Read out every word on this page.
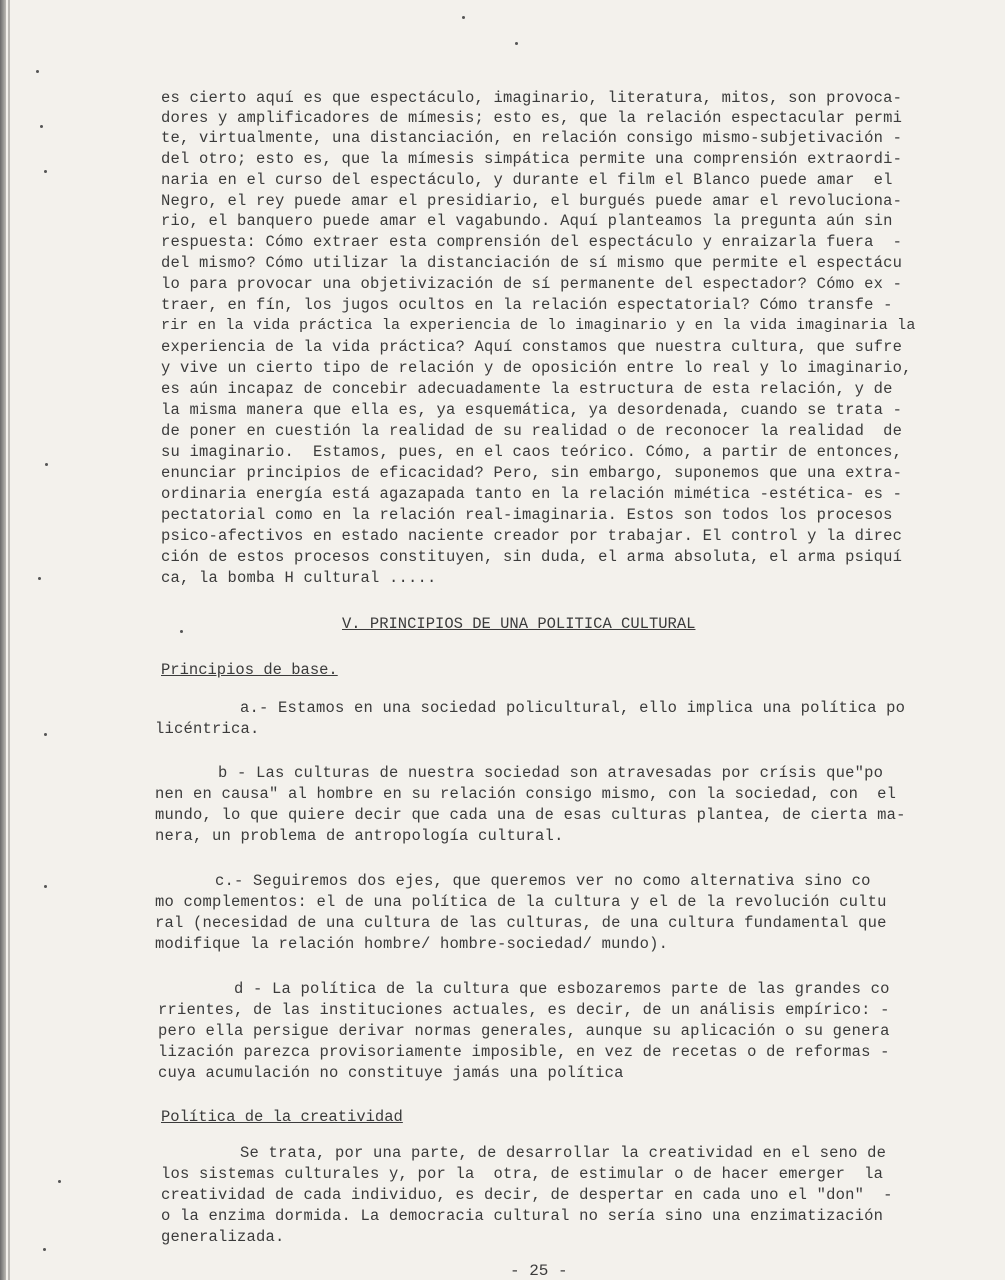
es cierto aquí es que espectáculo, imaginario, literatura, mitos, son provoca-
dores y amplificadores de mímesis; esto es, que la relación espectacular permi
te, virtualmente, una distanciación, en relación consigo mismo-subjetivación -
del otro; esto es, que la mímesis simpática permite una comprensión extraordi-
naria en el curso del espectáculo, y durante el film el Blanco puede amar  el
Negro, el rey puede amar el presidiario, el burgués puede amar el revoluciona-
rio, el banquero puede amar el vagabundo. Aquí planteamos la pregunta aún sin
respuesta: Cómo extraer esta comprensión del espectáculo y enraizarla fuera  -
del mismo? Cómo utilizar la distanciación de sí mismo que permite el espectácu
lo para provocar una objetivización de sí permanente del espectador? Cómo ex -
traer, en fín, los jugos ocultos en la relación espectatorial? Cómo transfe -
rir en la vida práctica la experiencia de lo imaginario y en la vida imaginaria la
experiencia de la vida práctica? Aquí constamos que nuestra cultura, que sufre
y vive un cierto tipo de relación y de oposición entre lo real y lo imaginario,
es aún incapaz de concebir adecuadamente la estructura de esta relación, y de
la misma manera que ella es, ya esquemática, ya desordenada, cuando se trata -
de poner en cuestión la realidad de su realidad o de reconocer la realidad  de
su imaginario.  Estamos, pues, en el caos teórico. Cómo, a partir de entonces,
enunciar principios de eficacidad? Pero, sin embargo, suponemos que una extra-
ordinaria energía está agazapada tanto en la relación mimética -estética- es -
pectatorial como en la relación real-imaginaria. Estos son todos los procesos
psico-afectivos en estado naciente creador por trabajar. El control y la direc
ción de estos procesos constituyen, sin duda, el arma absoluta, el arma psiquí
ca, la bomba H cultural .....
V. PRINCIPIOS DE UNA POLITICA CULTURAL
Principios de base.
a.- Estamos en una sociedad policultural, ello implica una política po
licéntrica.
b - Las culturas de nuestra sociedad son atravesadas por crísis que"po
nen en causa" al hombre en su relación consigo mismo, con la sociedad, con  el
mundo, lo que quiere decir que cada una de esas culturas plantea, de cierta ma-
nera, un problema de antropología cultural.
c.- Seguiremos dos ejes, que queremos ver no como alternativa sino co
mo complementos: el de una política de la cultura y el de la revolución cultu
ral (necesidad de una cultura de las culturas, de una cultura fundamental que
modifique la relación hombre/ hombre-sociedad/ mundo).
d - La política de la cultura que esbozaremos parte de las grandes co
rrientes, de las instituciones actuales, es decir, de un análisis empírico: -
pero ella persigue derivar normas generales, aunque su aplicación o su genera
lización parezca provisoriamente imposible, en vez de recetas o de reformas -
cuya acumulación no constituye jamás una política
Política de la creatividad
Se trata, por una parte, de desarrollar la creatividad en el seno de
los sistemas culturales y, por la  otra, de estimular o de hacer emerger  la
creatividad de cada individuo, es decir, de despertar en cada uno el "don"  -
o la enzima dormida. La democracia cultural no sería sino una enzimatización
generalizada.
- 25 -
